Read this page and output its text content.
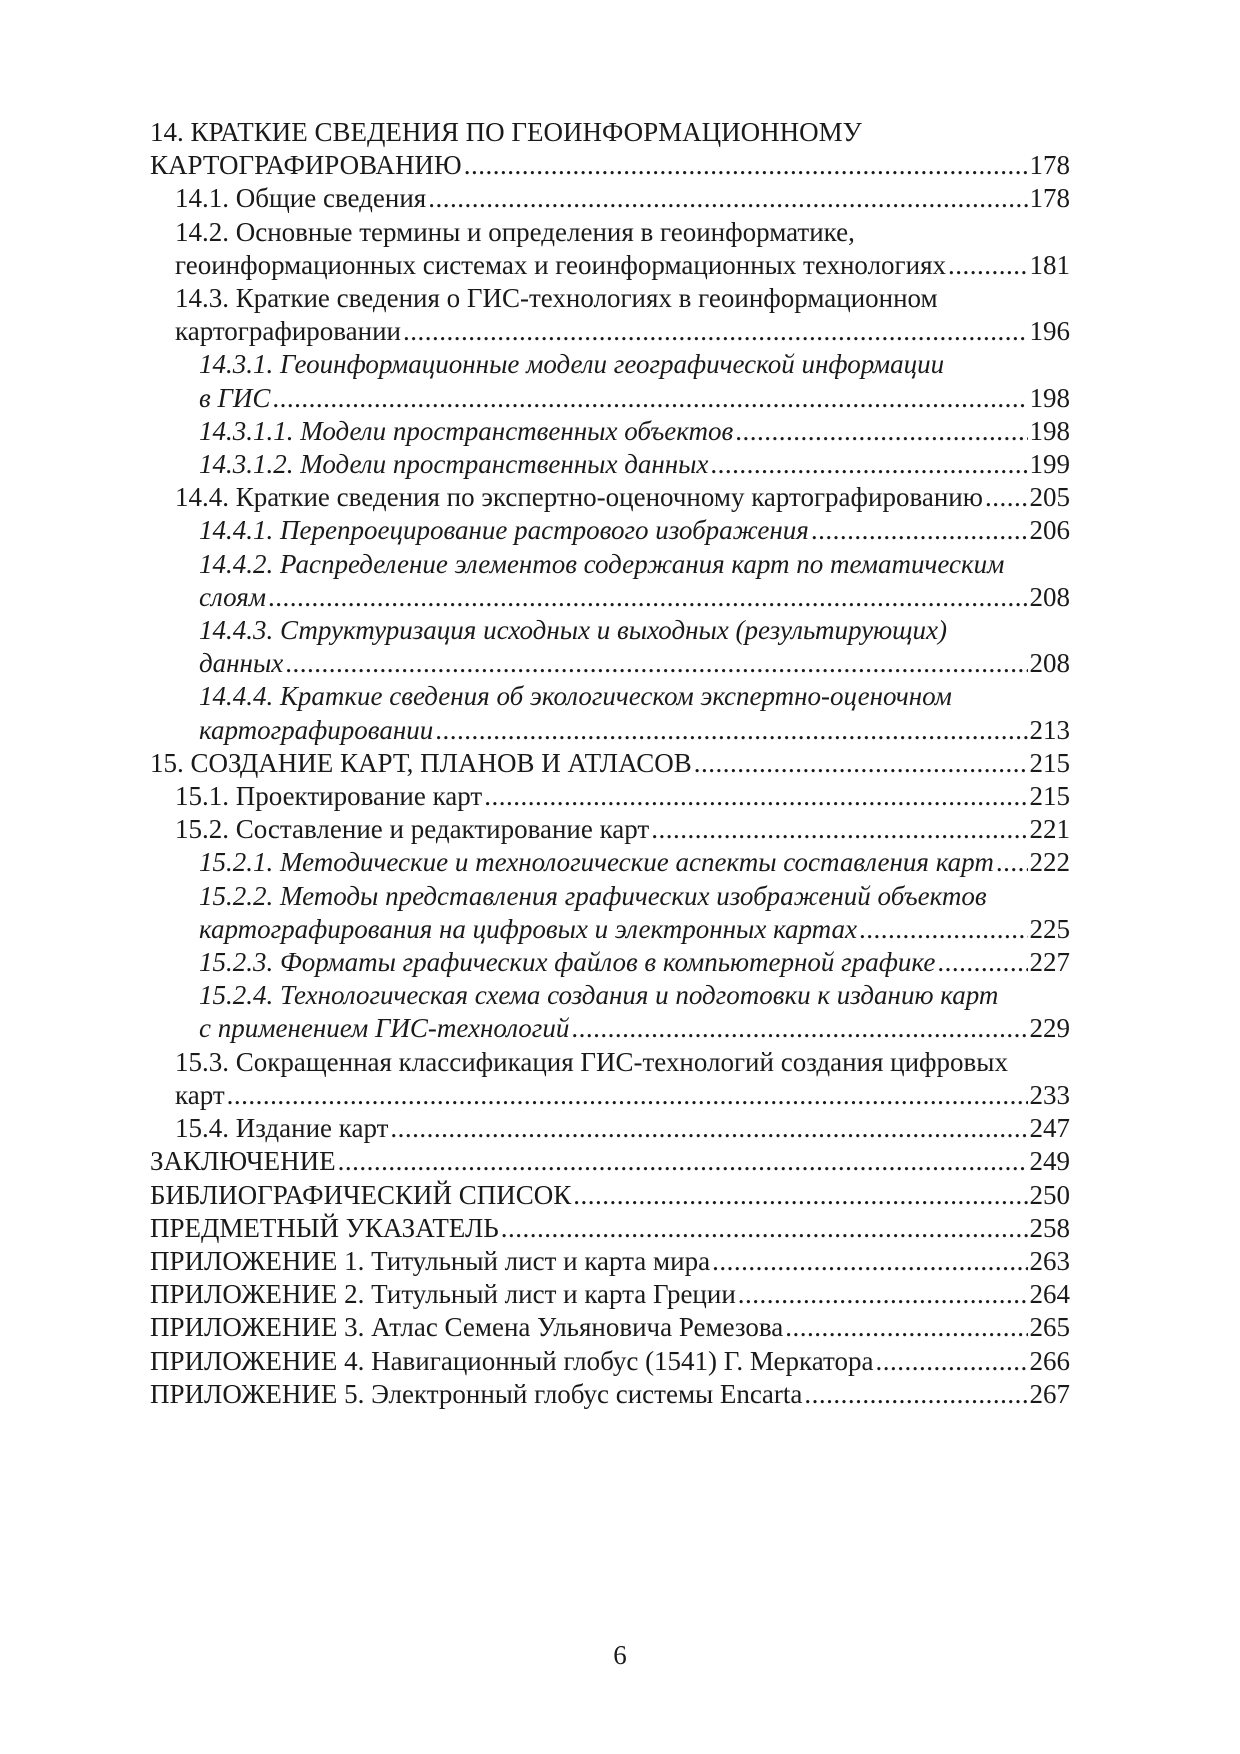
14. КРАТКИЕ СВЕДЕНИЯ ПО ГЕОИНФОРМАЦИОННОМУ
КАРТОГРАФИРОВАНИЮ .....	178
14.1. Общие сведения .....	178
14.2. Основные термины и определения в геоинформатике,
геоинформационных системах и геоинформационных технологиях .....	181
14.3. Краткие сведения о ГИС-технологиях в геоинформационном
картографировании .....	196
14.3.1. Геоинформационные модели географической информации
в ГИС .....	198
14.3.1.1. Модели пространственных объектов .....	198
14.3.1.2. Модели пространственных данных .....	199
14.4. Краткие сведения по экспертно-оценочному картографированию ..... 205
14.4.1. Перепроецирование растрового изображения .....	206
14.4.2. Распределение элементов содержания карт по тематическим
слоям .....	208
14.4.3. Структуризация исходных и выходных (результирующих)
данных .....	208
14.4.4. Краткие сведения об экологическом экспертно-оценочном
картографировании .....	213
15. СОЗДАНИЕ КАРТ, ПЛАНОВ И АТЛАСОВ .....	215
15.1. Проектирование карт .....	215
15.2. Составление и редактирование карт .....	221
15.2.1. Методические и технологические аспекты составления карт ..... 222
15.2.2. Методы представления графических изображений объектов
картографирования на цифровых и электронных картах .....	225
15.2.3. Форматы графических файлов в компьютерной графике .....	227
15.2.4. Технологическая схема создания и подготовки к изданию карт
с применением ГИС-технологий .....	229
15.3. Сокращенная классификация ГИС-технологий создания цифровых
карт .....	233
15.4. Издание карт .....	247
ЗАКЛЮЧЕНИЕ .....	249
БИБЛИОГРАФИЧЕСКИЙ СПИСОК .....	250
ПРЕДМЕТНЫЙ УКАЗАТЕЛЬ .....	258
ПРИЛОЖЕНИЕ 1. Титульный лист и карта мира .....	263
ПРИЛОЖЕНИЕ 2. Титульный лист и карта Греции .....	264
ПРИЛОЖЕНИЕ 3. Атлас Семена Ульяновича Ремезова .....	265
ПРИЛОЖЕНИЕ 4. Навигационный глобус (1541) Г. Меркатора .....	266
ПРИЛОЖЕНИЕ 5. Электронный глобус системы Encarta .....	267
6
